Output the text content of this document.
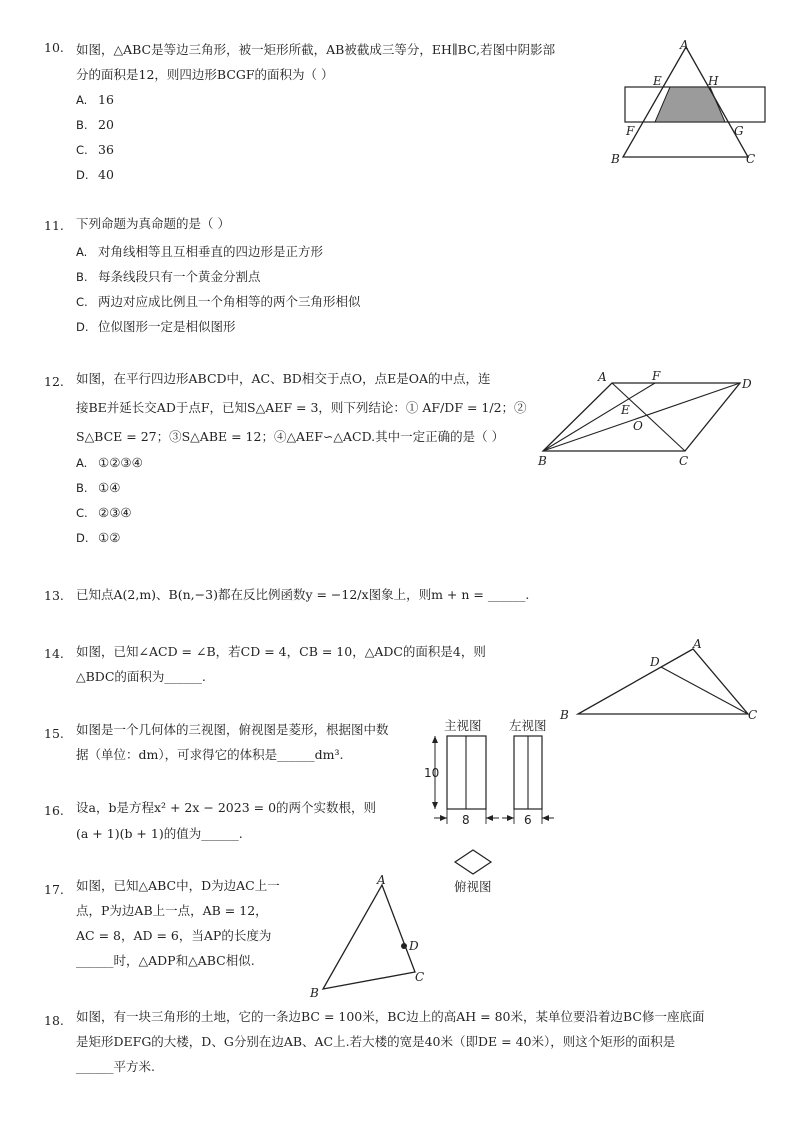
10. 如图，△ABC是等边三角形，被一矩形所截，AB被截成三等分，EH∥BC,若图中阴影部
分的面积是12，则四边形BCGF的面积为（ ）
A. 16
B. 20
C. 36
D. 40
A
B	C
E	H
F	G
11. 下列命题为真命题的是（ ）
A. 对角线相等且互相垂直的四边形是正方形
B. 每条线段只有一个黄金分割点
C. 两边对应成比例且一个角相等的两个三角形相似
D. 位似图形一定是相似图形
12. 如图，在平行四边形ABCD中，AC、BD相交于点O，点E是OA的中点，连
接BE并延长交AD于点F，已知S△AEF = 3，则下列结论：① AF/DF = 1/2；②
S△BCE = 27；③S△ABE = 12；④△AEF∽△ACD.其中一定正确的是（ ）
A. ①②③④
B. ①④
C. ②③④
D. ①②
A	F
D
E
O
B	C
13. 已知点A(2,m)、B(n,−3)都在反比例函数y = −12/x图象上，则m + n = ______.
14. 如图，已知∠ACD = ∠B，若CD = 4，CB = 10，△ADC的面积是4，则
△BDC的面积为______.
A
D
B	C
15. 如图是一个几何体的三视图，俯视图是菱形，根据图中数
据（单位：dm），可求得它的体积是______dm³.
主视图 左视图
10
8	6
俯视图
16. 设a，b是方程x² + 2x − 2023 = 0的两个实数根，则
(a + 1)(b + 1)的值为______.
17. 如图，已知△ABC中，D为边AC上一
点，P为边AB上一点，AB = 12，
AC = 8，AD = 6，当AP的长度为
______时，△ADP和△ABC相似.
A
D
C
B
18. 如图，有一块三角形的土地，它的一条边BC = 100米，BC边上的高AH = 80米，某单位要沿着边BC修一座底面
是矩形DEFG的大楼，D、G分别在边AB、AC上.若大楼的宽是40米（即DE = 40米），则这个矩形的面积是
______平方米.
